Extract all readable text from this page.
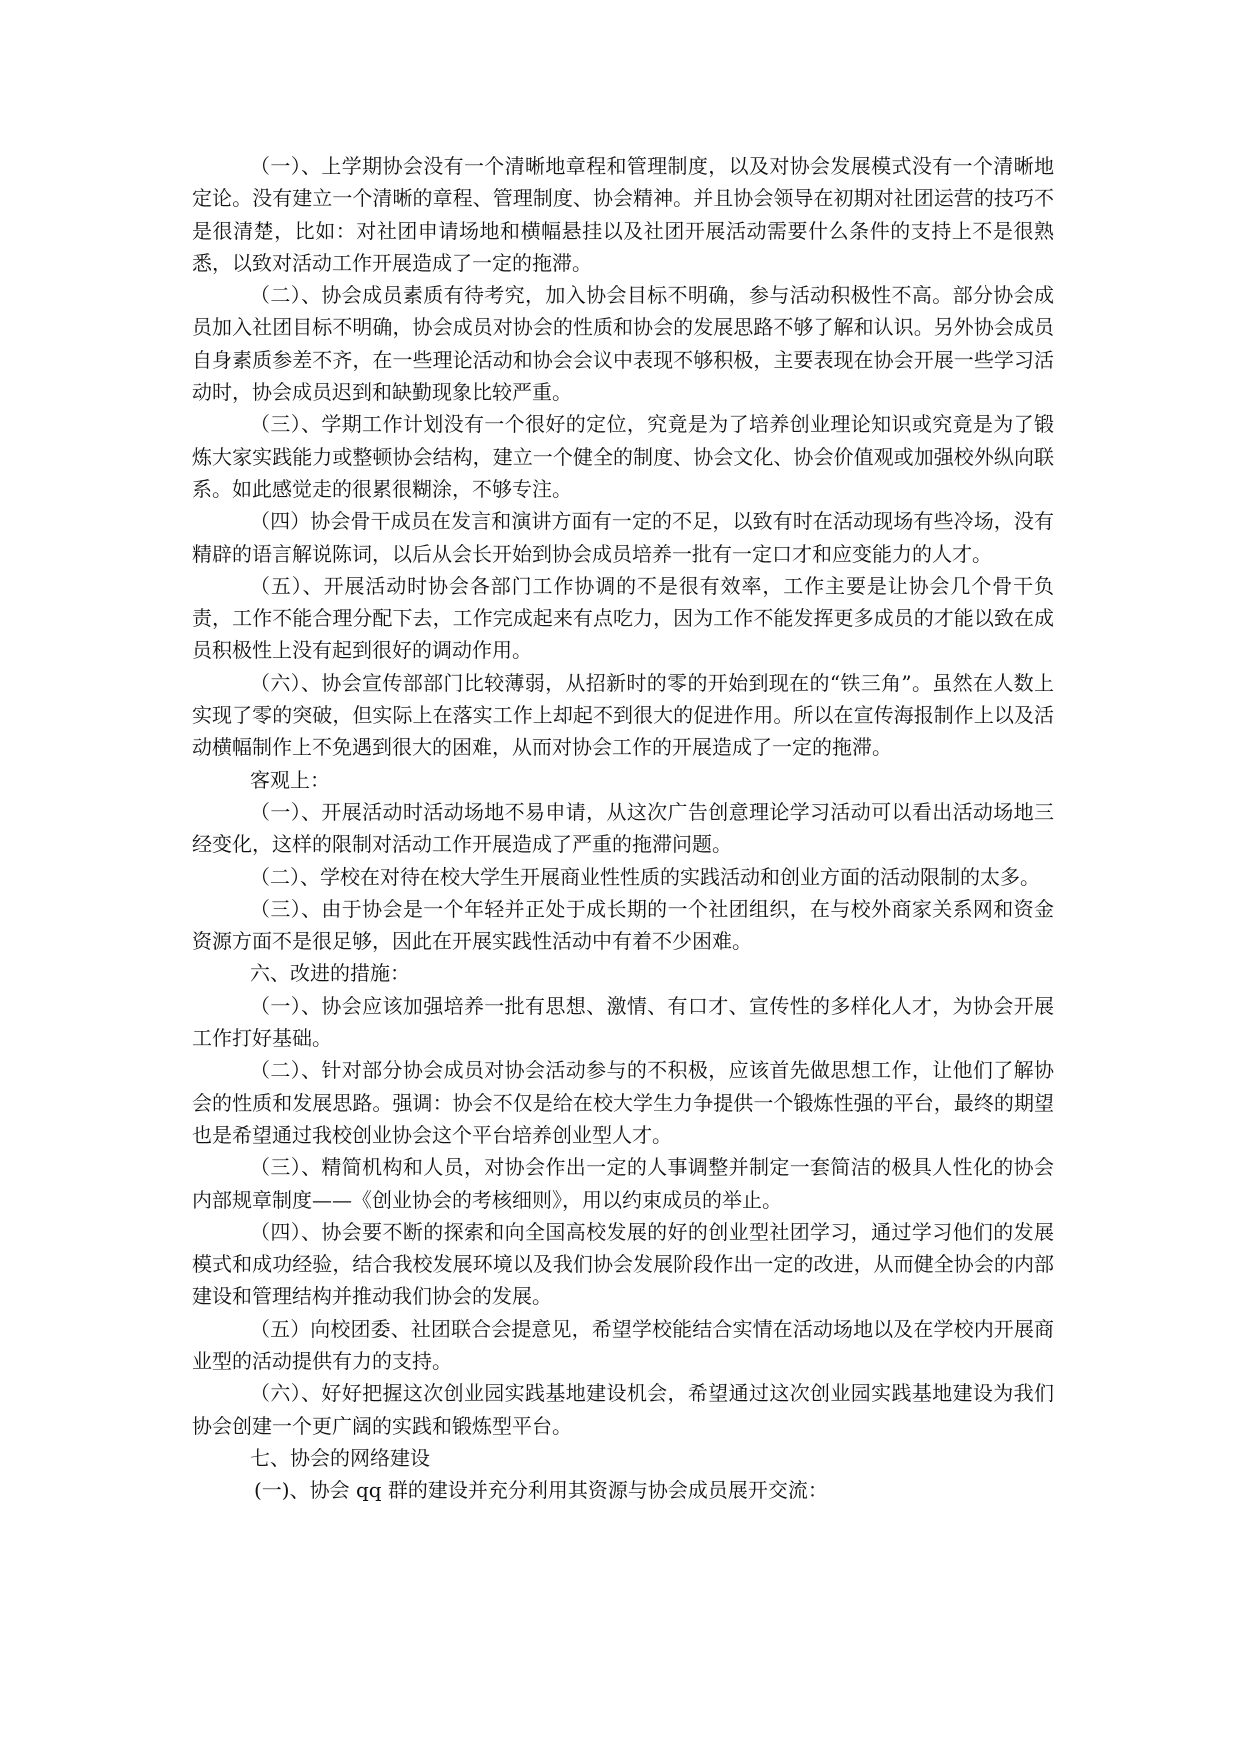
（一）、上学期协会没有一个清晰地章程和管理制度，以及对协会发展模式没有一个清晰地定论。没有建立一个清晰的章程、管理制度、协会精神。并且协会领导在初期对社团运营的技巧不是很清楚，比如：对社团申请场地和横幅悬挂以及社团开展活动需要什么条件的支持上不是很熟悉，以致对活动工作开展造成了一定的拖滞。

（二）、协会成员素质有待考究，加入协会目标不明确，参与活动积极性不高。部分协会成员加入社团目标不明确，协会成员对协会的性质和协会的发展思路不够了解和认识。另外协会成员自身素质参差不齐，在一些理论活动和协会会议中表现不够积极，主要表现在协会开展一些学习活动时，协会成员迟到和缺勤现象比较严重。

（三）、学期工作计划没有一个很好的定位，究竟是为了培养创业理论知识或究竟是为了锻炼大家实践能力或整顿协会结构，建立一个健全的制度、协会文化、协会价值观或加强校外纵向联系。如此感觉走的很累很糊涂，不够专注。

（四）协会骨干成员在发言和演讲方面有一定的不足，以致有时在活动现场有些冷场，没有精辟的语言解说陈词，以后从会长开始到协会成员培养一批有一定口才和应变能力的人才。

（五）、开展活动时协会各部门工作协调的不是很有效率，工作主要是让协会几个骨干负责，工作不能合理分配下去，工作完成起来有点吃力，因为工作不能发挥更多成员的才能以致在成员积极性上没有起到很好的调动作用。

（六）、协会宣传部部门比较薄弱，从招新时的零的开始到现在的“铁三角”。虽然在人数上实现了零的突破，但实际上在落实工作上却起不到很大的促进作用。所以在宣传海报制作上以及活动横幅制作上不免遇到很大的困难，从而对协会工作的开展造成了一定的拖滞。

客观上：

（一）、开展活动时活动场地不易申请，从这次广告创意理论学习活动可以看出活动场地三经变化，这样的限制对活动工作开展造成了严重的拖滞问题。

（二）、学校在对待在校大学生开展商业性性质的实践活动和创业方面的活动限制的太多。

（三）、由于协会是一个年轻并正处于成长期的一个社团组织，在与校外商家关系网和资金资源方面不是很足够，因此在开展实践性活动中有着不少困难。

六、改进的措施：

（一）、协会应该加强培养一批有思想、激情、有口才、宣传性的多样化人才，为协会开展工作打好基础。

（二）、针对部分协会成员对协会活动参与的不积极，应该首先做思想工作，让他们了解协会的性质和发展思路。强调：协会不仅是给在校大学生力争提供一个锻炼性强的平台，最终的期望也是希望通过我校创业协会这个平台培养创业型人才。

（三）、精简机构和人员，对协会作出一定的人事调整并制定一套简洁的极具人性化的协会内部规章制度——《创业协会的考核细则》，用以约束成员的举止。

（四）、协会要不断的探索和向全国高校发展的好的创业型社团学习，通过学习他们的发展模式和成功经验，结合我校发展环境以及我们协会发展阶段作出一定的改进，从而健全协会的内部建设和管理结构并推动我们协会的发展。

（五）向校团委、社团联合会提意见，希望学校能结合实情在活动场地以及在学校内开展商业型的活动提供有力的支持。

（六）、好好把握这次创业园实践基地建设机会，希望通过这次创业园实践基地建设为我们协会创建一个更广阔的实践和锻炼型平台。

七、协会的网络建设

(一)、协会 qq 群的建设并充分利用其资源与协会成员展开交流：
